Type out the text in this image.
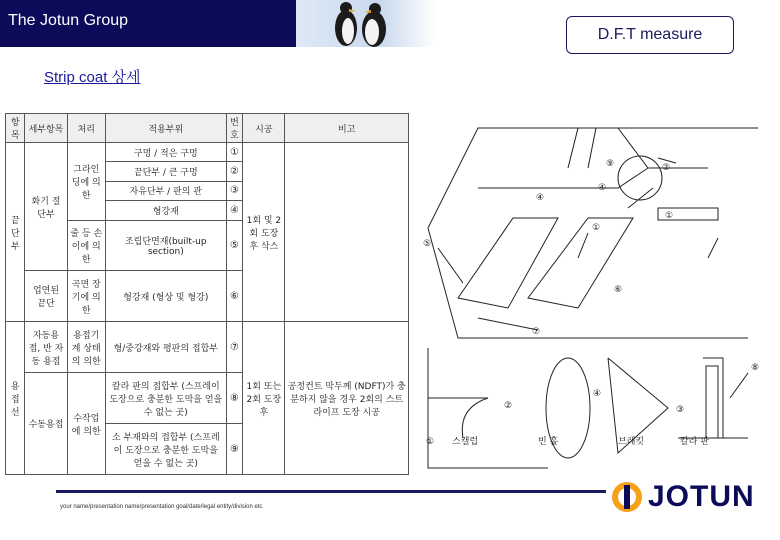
The Jotun Group
D.F.T measure
Strip coat 상세
항목	세부항목	처리	적용부위	번호	시공	비고
끝단부	화기 절단부	그라인딩에 의한	구멍 / 적은 구멍	①	1회 및 2회 도장 후 삭스	
			끝단부 / 큰 구멍	②		
			자유단부 / 판의 관	③		
			형강재	④		
		줄 등 손이에 의한	조립단면재(built-up section)	⑤		
	업연된 끝단	곡면 장기에 의한	형강재 (형상 및 형강)	⑥		
용접선	자동용접, 반 자동 용접	용접기계 상태의 의한	형/중강재와 평판의 접합부	⑦	1회 또는 2회 도장 후	공정컨트 막두께 (NDFT)가 충분하지 않을 경우 2회의 스트라이프 도장 시공
	수동용접	수작업에 의한	칼라 판의 접합부 (스프레이 도장으로 충분한 도막을 얻을 수 없는 곳)	⑧		
			소 부재와의 접합부 (스프레이 도장으로 충분한 도막을 얻을 수 없는 곳)	⑨		
⑤
①
④
⑨	②
①
④
⑦
⑥
②
④
③
⑧
① 스캘럽	빈 홀	브래킷	칼라 판
your name/presentation name/presentation goal/date/legal entity/division etc	JOTUN
